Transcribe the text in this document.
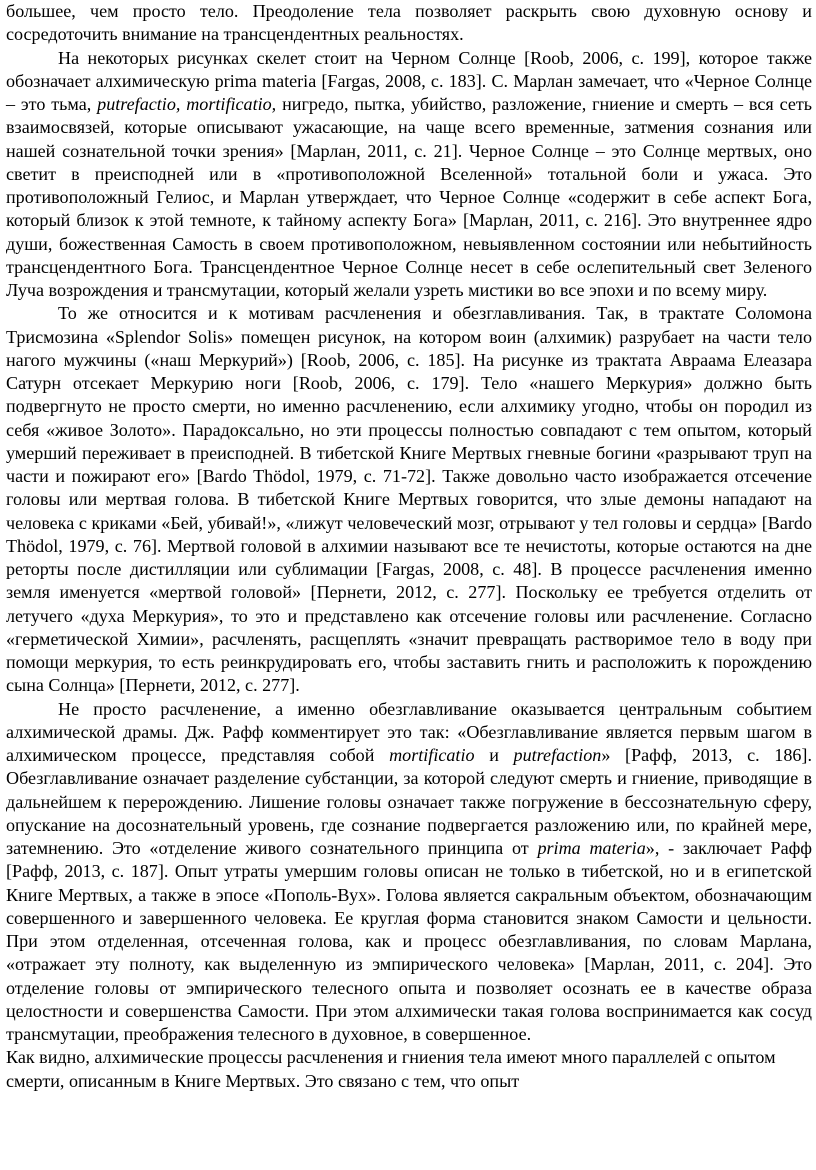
большее, чем просто тело. Преодоление тела позволяет раскрыть свою духовную основу и сосредоточить внимание на трансцендентных реальностях.

На некоторых рисунках скелет стоит на Черном Солнце [Roob, 2006, с. 199], которое также обозначает алхимическую prima materia [Fargas, 2008, с. 183]. С. Марлан замечает, что «Черное Солнце – это тьма, putrefactio, mortificatio, нигредо, пытка, убийство, разложение, гниение и смерть – вся сеть взаимосвязей, которые описывают ужасающие, на чаще всего временные, затмения сознания или нашей сознательной точки зрения» [Марлан, 2011, с. 21]. Черное Солнце – это Солнце мертвых, оно светит в преисподней или в «противоположной Вселенной» тотальной боли и ужаса. Это противоположный Гелиос, и Марлан утверждает, что Черное Солнце «содержит в себе аспект Бога, который близок к этой темноте, к тайному аспекту Бога» [Марлан, 2011, с. 216]. Это внутреннее ядро души, божественная Самость в своем противоположном, невыявленном состоянии или небытийность трансцендентного Бога. Трансцендентное Черное Солнце несет в себе ослепительный свет Зеленого Луча возрождения и трансмутации, который желали узреть мистики во все эпохи и по всему миру.

То же относится и к мотивам расчленения и обезглавливания. Так, в трактате Соломона Трисмозина «Splendor Solis» помещен рисунок, на котором воин (алхимик) разрубает на части тело нагого мужчины («наш Меркурий») [Roob, 2006, с. 185]. На рисунке из трактата Авраама Елеазара Сатурн отсекает Меркурию ноги [Roob, 2006, с. 179]. Тело «нашего Меркурия» должно быть подвергнуто не просто смерти, но именно расчленению, если алхимику угодно, чтобы он породил из себя «живое Золото». Парадоксально, но эти процессы полностью совпадают с тем опытом, который умерший переживает в преисподней. В тибетской Книге Мертвых гневные богини «разрывают труп на части и пожирают его» [Bardo Thödol, 1979, с. 71-72]. Также довольно часто изображается отсечение головы или мертвая голова. В тибетской Книге Мертвых говорится, что злые демоны нападают на человека с криками «Бей, убивай!», «лижут человеческий мозг, отрывают у тел головы и сердца» [Bardo Thödol, 1979, с. 76]. Мертвой головой в алхимии называют все те нечистоты, которые остаются на дне реторты после дистилляции или сублимации [Fargas, 2008, с. 48]. В процессе расчленения именно земля именуется «мертвой головой» [Пернети, 2012, с. 277]. Поскольку ее требуется отделить от летучего «духа Меркурия», то это и представлено как отсечение головы или расчленение. Согласно «герметической Химии», расчленять, расщеплять «значит превращать растворимое тело в воду при помощи меркурия, то есть реинкрудировать его, чтобы заставить гнить и расположить к порождению сына Солнца» [Пернети, 2012, с. 277].

Не просто расчленение, а именно обезглавливание оказывается центральным событием алхимической драмы. Дж. Рафф комментирует это так: «Обезглавливание является первым шагом в алхимическом процессе, представляя собой mortificatio и putrefaction» [Рафф, 2013, с. 186]. Обезглавливание означает разделение субстанции, за которой следуют смерть и гниение, приводящие в дальнейшем к перерождению. Лишение головы означает также погружение в бессознательную сферу, опускание на досознательный уровень, где сознание подвергается разложению или, по крайней мере, затемнению. Это «отделение живого сознательного принципа от prima materia», - заключает Рафф [Рафф, 2013, с. 187]. Опыт утраты умершим головы описан не только в тибетской, но и в египетской Книге Мертвых, а также в эпосе «Пополь-Вух». Голова является сакральным объектом, обозначающим совершенного и завершенного человека. Ее круглая форма становится знаком Самости и цельности. При этом отделенная, отсеченная голова, как и процесс обезглавливания, по словам Марлана, «отражает эту полноту, как выделенную из эмпирического человека» [Марлан, 2011, с. 204]. Это отделение головы от эмпирического телесного опыта и позволяет осознать ее в качестве образа целостности и совершенства Самости. При этом алхимически такая голова воспринимается как сосуд трансмутации, преображения телесного в духовное, в совершенное.

Как видно, алхимические процессы расчленения и гниения тела имеют много параллелей с опытом смерти, описанным в Книге Мертвых. Это связано с тем, что опыт
